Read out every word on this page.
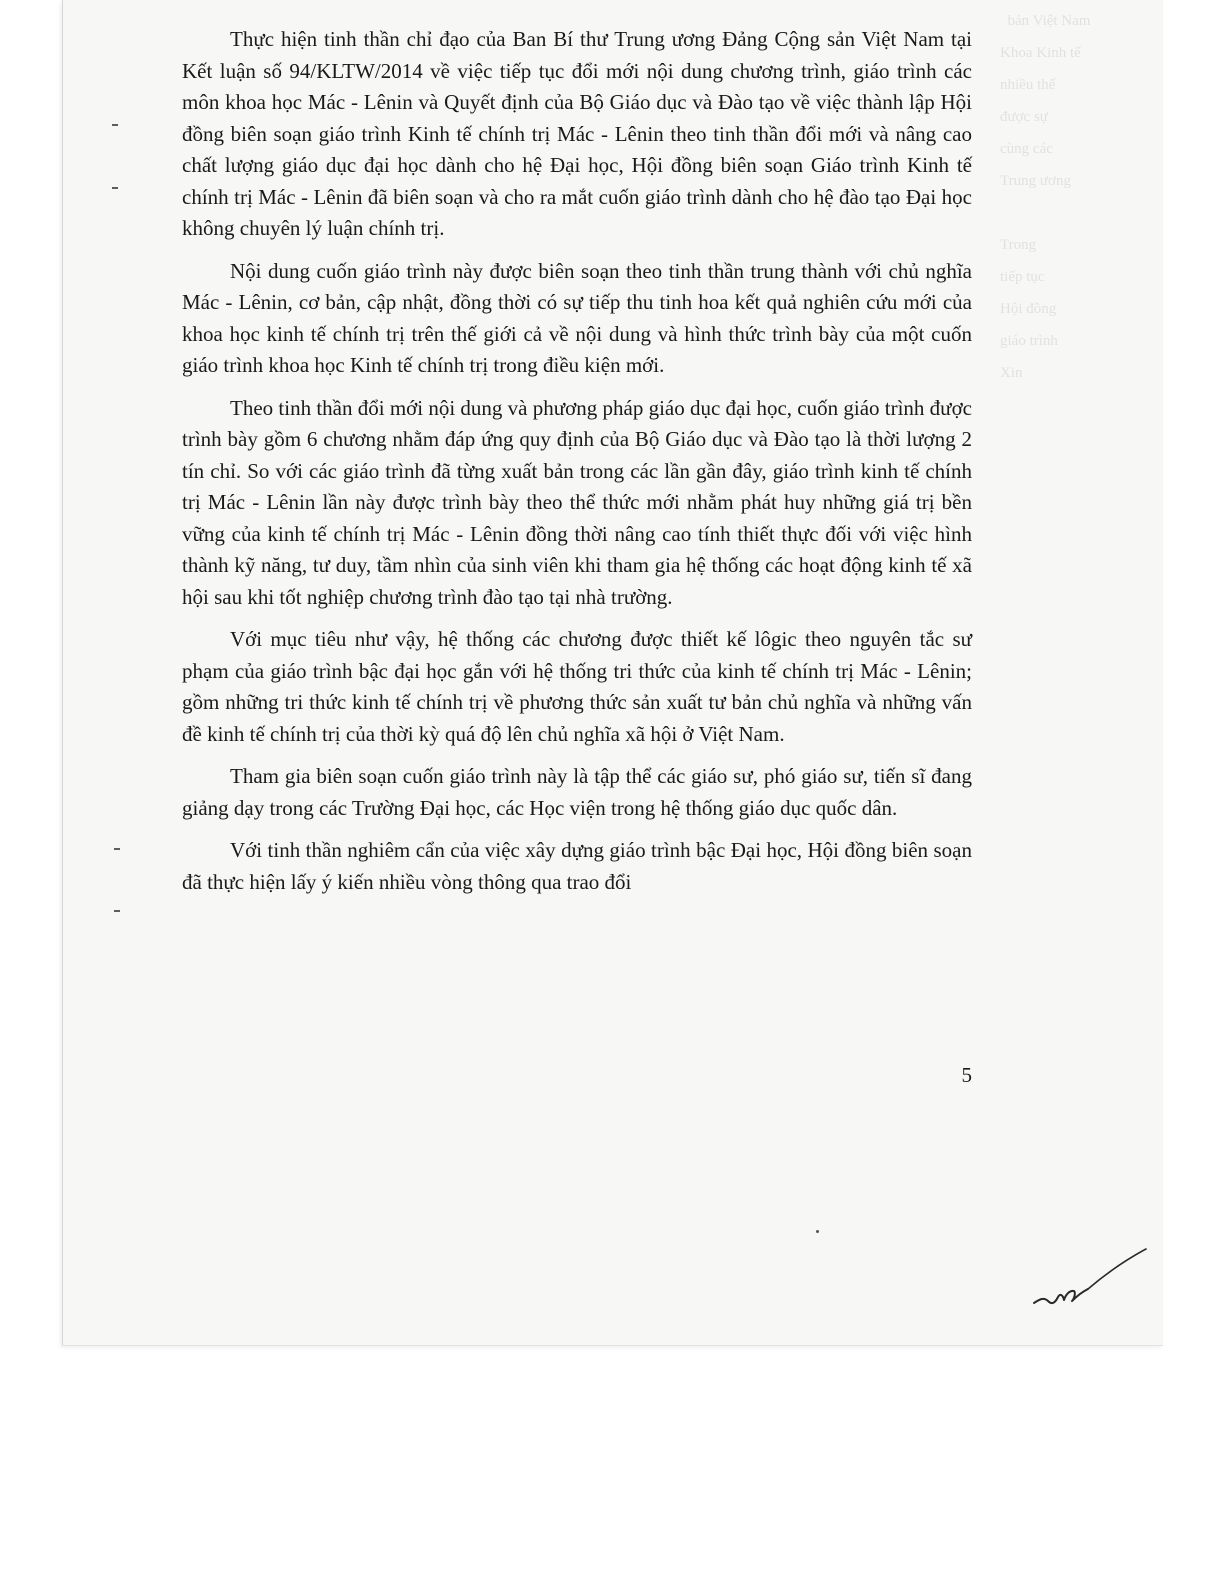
Thực hiện tinh thần chỉ đạo của Ban Bí thư Trung ương Đảng Cộng sản Việt Nam tại Kết luận số 94/KLTW/2014 về việc tiếp tục đổi mới nội dung chương trình, giáo trình các môn khoa học Mác - Lênin và Quyết định của Bộ Giáo dục và Đào tạo về việc thành lập Hội đồng biên soạn giáo trình Kinh tế chính trị Mác - Lênin theo tinh thần đổi mới và nâng cao chất lượng giáo dục đại học dành cho hệ Đại học, Hội đồng biên soạn Giáo trình Kinh tế chính trị Mác - Lênin đã biên soạn và cho ra mắt cuốn giáo trình dành cho hệ đào tạo Đại học không chuyên lý luận chính trị.

Nội dung cuốn giáo trình này được biên soạn theo tinh thần trung thành với chủ nghĩa Mác - Lênin, cơ bản, cập nhật, đồng thời có sự tiếp thu tinh hoa kết quả nghiên cứu mới của khoa học kinh tế chính trị trên thế giới cả về nội dung và hình thức trình bày của một cuốn giáo trình khoa học Kinh tế chính trị trong điều kiện mới.

Theo tinh thần đổi mới nội dung và phương pháp giáo dục đại học, cuốn giáo trình được trình bày gồm 6 chương nhằm đáp ứng quy định của Bộ Giáo dục và Đào tạo là thời lượng 2 tín chỉ. So với các giáo trình đã từng xuất bản trong các lần gần đây, giáo trình kinh tế chính trị Mác - Lênin lần này được trình bày theo thể thức mới nhằm phát huy những giá trị bền vững của kinh tế chính trị Mác - Lênin đồng thời nâng cao tính thiết thực đối với việc hình thành kỹ năng, tư duy, tầm nhìn của sinh viên khi tham gia hệ thống các hoạt động kinh tế xã hội sau khi tốt nghiệp chương trình đào tạo tại nhà trường.

Với mục tiêu như vậy, hệ thống các chương được thiết kế lôgic theo nguyên tắc sư phạm của giáo trình bậc đại học gắn với hệ thống tri thức của kinh tế chính trị Mác - Lênin; gồm những tri thức kinh tế chính trị về phương thức sản xuất tư bản chủ nghĩa và những vấn đề kinh tế chính trị của thời kỳ quá độ lên chủ nghĩa xã hội ở Việt Nam.

Tham gia biên soạn cuốn giáo trình này là tập thể các giáo sư, phó giáo sư, tiến sĩ đang giảng dạy trong các Trường Đại học, các Học viện trong hệ thống giáo dục quốc dân.

Với tinh thần nghiêm cẩn của việc xây dựng giáo trình bậc Đại học, Hội đồng biên soạn đã thực hiện lấy ý kiến nhiều vòng thông qua trao đổi

5
